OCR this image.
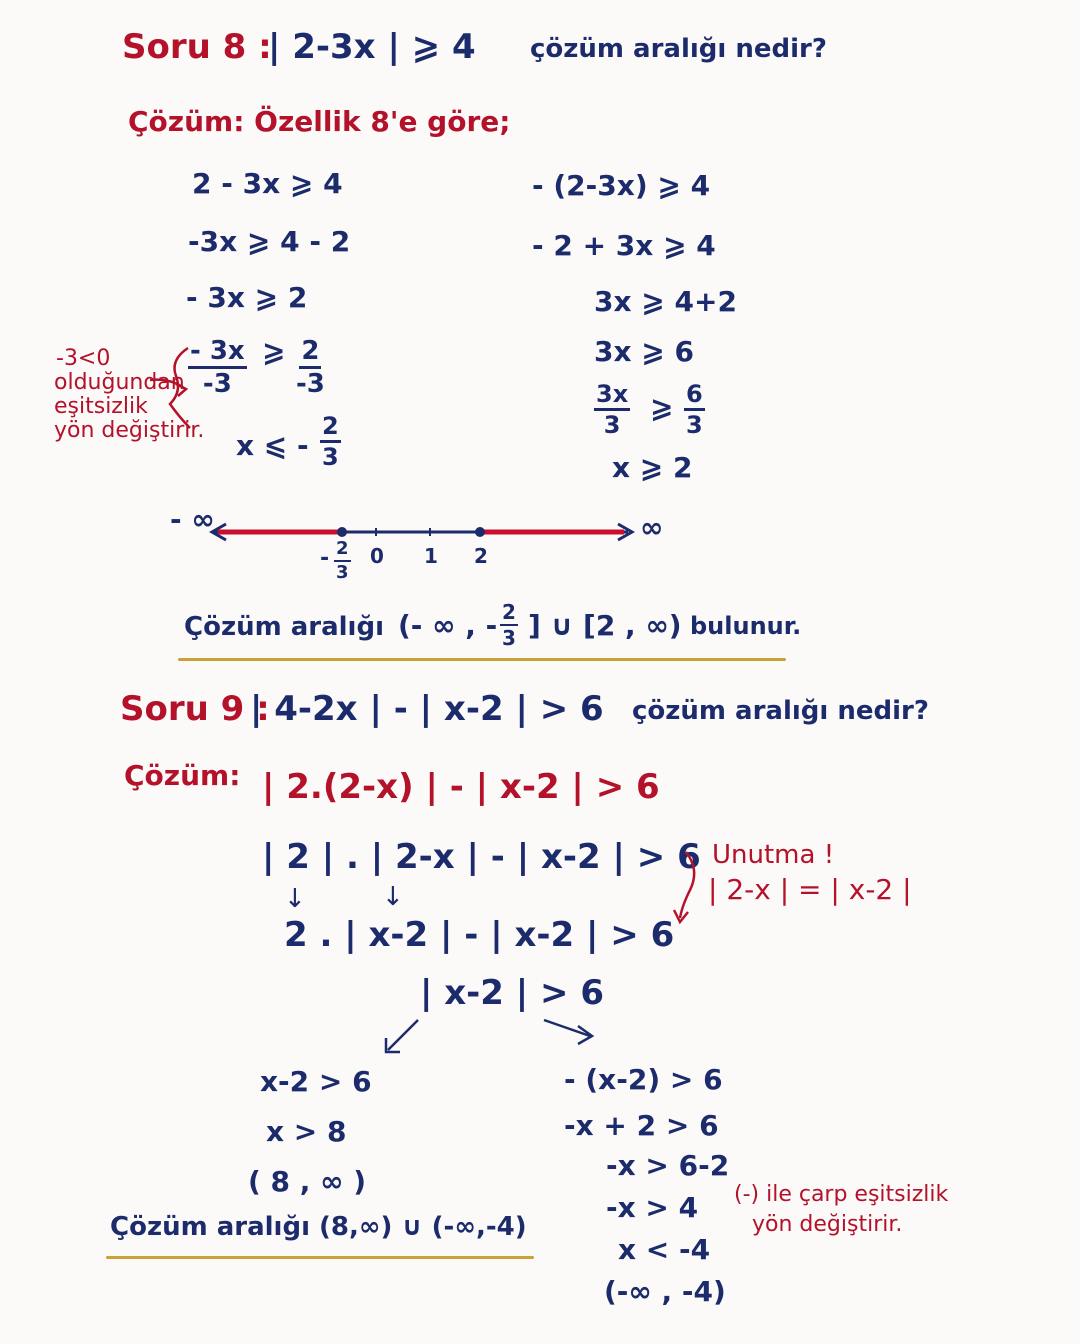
Soru 8 :
| 2-3x | ⩾ 4 çözüm aralığı nedir?
Çözüm: Özellik 8'e göre;
2 - 3x ⩾ 4
-3x ⩾ 4 - 2
- 3x ⩾ 2
$\frac{- 3x}{-3}$ ⩾ $\frac{2}{-3}$
x ⩽ - $\frac{2}{3}$
-3<0
olduğundan
eşitsizlik
yön değiştirir.
- (2-3x) ⩾ 4
- 2 + 3x ⩾ 4
3x ⩾ 4+2
3x ⩾ 6
$\frac{3x}{3}$ ⩾ $\frac{6}{3}$
x ⩾ 2
- ∞	∞
- $\frac{2}{3} 0$ 1 2
Çözüm aralığı (- ∞ , - $\frac{2}{3}$ ] ∪ [2 , ∞) bulunur.
Soru 9 :
| 4-2x | - | x-2 | > 6 çözüm aralığı nedir?
Çözüm: | 2.(2-x) | - | x-2 | > 6
| 2 | . | 2-x | - | x-2 | > 6
↓	↓
2 . | x-2 | - | x-2 | > 6
| x-2 | > 6
Unutma !
| 2-x | = | x-2 |
x-2 > 6
x > 8
( 8 , ∞ )
Çözüm aralığı (8,∞) ∪ (-∞,-4)
- (x-2) > 6
-x + 2 > 6
-x > 6-2
-x > 4
x < -4
(-∞ , -4)
(-) ile çarp eşitsizlik
yön değiştirir.
